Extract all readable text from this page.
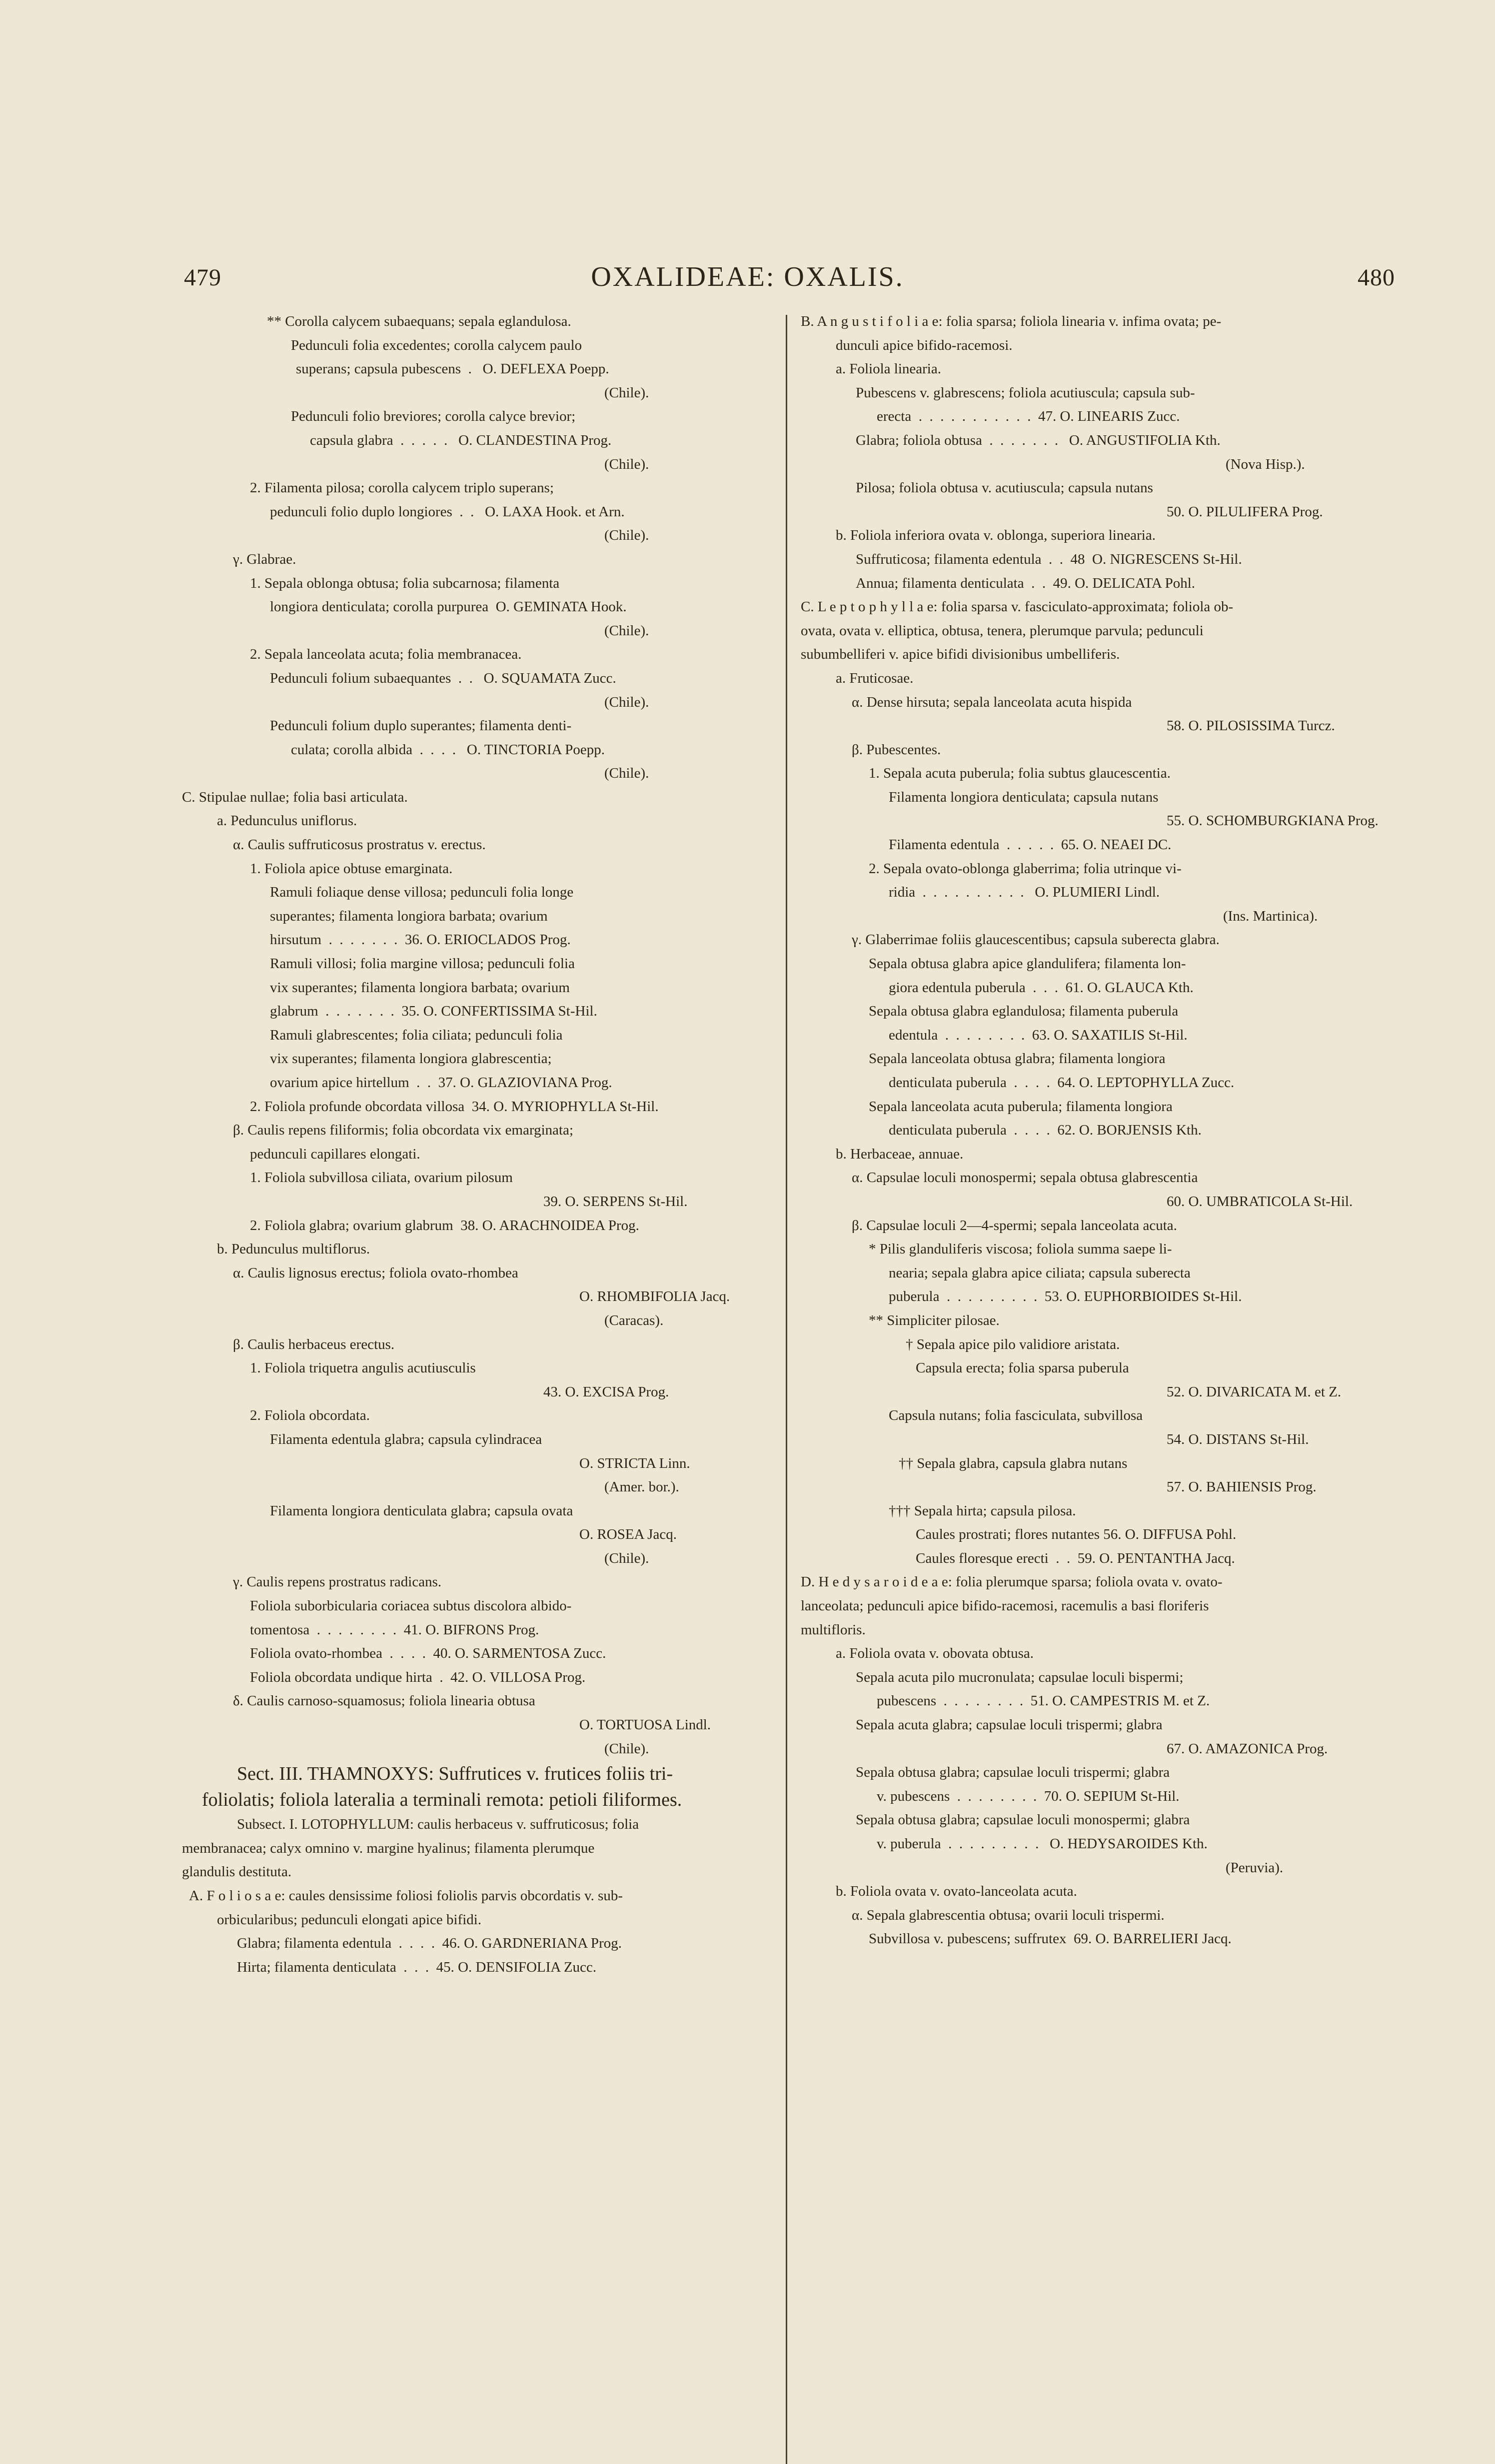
479	OXALIDEAE: OXALIS.	480
** Corolla calycem subaequans; sepala eglandulosa.
Pedunculi folia excedentes; corolla calycem paulo
superans; capsula pubescens  .   O. DEFLEXA Poepp.
(Chile).
Pedunculi folio breviores; corolla calyce brevior;
capsula glabra  .  .  .  .  .   O. CLANDESTINA Prog.
(Chile).
2. Filamenta pilosa; corolla calycem triplo superans;
pedunculi folio duplo longiores  .  .   O. LAXA Hook. et Arn.
(Chile).
γ. Glabrae.
1. Sepala oblonga obtusa; folia subcarnosa; filamenta
longiora denticulata; corolla purpurea  O. GEMINATA Hook.
(Chile).
2. Sepala lanceolata acuta; folia membranacea.
Pedunculi folium subaequantes  .  .   O. SQUAMATA Zucc.
(Chile).
Pedunculi folium duplo superantes; filamenta denti-
culata; corolla albida  .  .  .  .   O. TINCTORIA Poepp.
(Chile).
C. Stipulae nullae; folia basi articulata.
a. Pedunculus uniflorus.
α. Caulis suffruticosus prostratus v. erectus.
1. Foliola apice obtuse emarginata.
Ramuli foliaque dense villosa; pedunculi folia longe
superantes; filamenta longiora barbata; ovarium
hirsutum  .  .  .  .  .  .  .  36. O. ERIOCLADOS Prog.
Ramuli villosi; folia margine villosa; pedunculi folia
vix superantes; filamenta longiora barbata; ovarium
glabrum  .  .  .  .  .  .  .  35. O. CONFERTISSIMA St-Hil.
Ramuli glabrescentes; folia ciliata; pedunculi folia
vix superantes; filamenta longiora glabrescentia;
ovarium apice hirtellum  .  .  37. O. GLAZIOVIANA Prog.
2. Foliola profunde obcordata villosa  34. O. MYRIOPHYLLA St-Hil.
β. Caulis repens filiformis; folia obcordata vix emarginata;
pedunculi capillares elongati.
1. Foliola subvillosa ciliata, ovarium pilosum
39. O. SERPENS St-Hil.
2. Foliola glabra; ovarium glabrum  38. O. ARACHNOIDEA Prog.
b. Pedunculus multiflorus.
α. Caulis lignosus erectus; foliola ovato-rhombea
O. RHOMBIFOLIA Jacq.
(Caracas).
β. Caulis herbaceus erectus.
1. Foliola triquetra angulis acutiusculis
43. O. EXCISA Prog.
2. Foliola obcordata.
Filamenta edentula glabra; capsula cylindracea
O. STRICTA Linn.
(Amer. bor.).
Filamenta longiora denticulata glabra; capsula ovata
O. ROSEA Jacq.
(Chile).
γ. Caulis repens prostratus radicans.
Foliola suborbicularia coriacea subtus discolora albido-
tomentosa  .  .  .  .  .  .  .  .  41. O. BIFRONS Prog.
Foliola ovato-rhombea  .  .  .  .  40. O. SARMENTOSA Zucc.
Foliola obcordata undique hirta  .  42. O. VILLOSA Prog.
δ. Caulis carnoso-squamosus; foliola linearia obtusa
O. TORTUOSA Lindl.
(Chile).
Sect. III. THAMNOXYS: Suffrutices v. frutices foliis tri-
foliolatis; foliola lateralia a terminali remota: petioli filiformes.
Subsect. I. LOTOPHYLLUM: caulis herbaceus v. suffruticosus; folia
membranacea; calyx omnino v. margine hyalinus; filamenta plerumque
glandulis destituta.
A. F o l i o s a e: caules densissime foliosi foliolis parvis obcordatis v. sub-
orbicularibus; pedunculi elongati apice bifidi.
Glabra; filamenta edentula  .  .  .  .  46. O. GARDNERIANA Prog.
Hirta; filamenta denticulata  .  .  .  45. O. DENSIFOLIA Zucc.
B. A n g u s t i f o l i a e: folia sparsa; foliola linearia v. infima ovata; pe-
dunculi apice bifido-racemosi.
a. Foliola linearia.
Pubescens v. glabrescens; foliola acutiuscula; capsula sub-
erecta  .  .  .  .  .  .  .  .  .  .  .  47. O. LINEARIS Zucc.
Glabra; foliola obtusa  .  .  .  .  .  .  .   O. ANGUSTIFOLIA Kth.
(Nova Hisp.).
Pilosa; foliola obtusa v. acutiuscula; capsula nutans
50. O. PILULIFERA Prog.
b. Foliola inferiora ovata v. oblonga, superiora linearia.
Suffruticosa; filamenta edentula  .  .  48  O. NIGRESCENS St-Hil.
Annua; filamenta denticulata  .  .  49. O. DELICATA Pohl.
C. L e p t o p h y l l a e: folia sparsa v. fasciculato-approximata; foliola ob-
ovata, ovata v. elliptica, obtusa, tenera, plerumque parvula; pedunculi
subumbelliferi v. apice bifidi divisionibus umbelliferis.
a. Fruticosae.
α. Dense hirsuta; sepala lanceolata acuta hispida
58. O. PILOSISSIMA Turcz.
β. Pubescentes.
1. Sepala acuta puberula; folia subtus glaucescentia.
Filamenta longiora denticulata; capsula nutans
55. O. SCHOMBURGKIANA Prog.
Filamenta edentula  .  .  .  .  .  65. O. NEAEI DC.
2. Sepala ovato-oblonga glaberrima; folia utrinque vi-
ridia  .  .  .  .  .  .  .  .  .  .   O. PLUMIERI Lindl.
(Ins. Martinica).
γ. Glaberrimae foliis glaucescentibus; capsula suberecta glabra.
Sepala obtusa glabra apice glandulifera; filamenta lon-
giora edentula puberula  .  .  .  61. O. GLAUCA Kth.
Sepala obtusa glabra eglandulosa; filamenta puberula
edentula  .  .  .  .  .  .  .  .  63. O. SAXATILIS St-Hil.
Sepala lanceolata obtusa glabra; filamenta longiora
denticulata puberula  .  .  .  .  64. O. LEPTOPHYLLA Zucc.
Sepala lanceolata acuta puberula; filamenta longiora
denticulata puberula  .  .  .  .  62. O. BORJENSIS Kth.
b. Herbaceae, annuae.
α. Capsulae loculi monospermi; sepala obtusa glabrescentia
60. O. UMBRATICOLA St-Hil.
β. Capsulae loculi 2—4-spermi; sepala lanceolata acuta.
* Pilis glanduliferis viscosa; foliola summa saepe li-
nearia; sepala glabra apice ciliata; capsula suberecta
puberula  .  .  .  .  .  .  .  .  .  53. O. EUPHORBIOIDES St-Hil.
** Simpliciter pilosae.
† Sepala apice pilo validiore aristata.
Capsula erecta; folia sparsa puberula
52. O. DIVARICATA M. et Z.
Capsula nutans; folia fasciculata, subvillosa
54. O. DISTANS St-Hil.
†† Sepala glabra, capsula glabra nutans
57. O. BAHIENSIS Prog.
††† Sepala hirta; capsula pilosa.
Caules prostrati; flores nutantes 56. O. DIFFUSA Pohl.
Caules floresque erecti  .  .  59. O. PENTANTHA Jacq.
D. H e d y s a r o i d e a e: folia plerumque sparsa; foliola ovata v. ovato-
lanceolata; pedunculi apice bifido-racemosi, racemulis a basi floriferis
multifloris.
a. Foliola ovata v. obovata obtusa.
Sepala acuta pilo mucronulata; capsulae loculi bispermi;
pubescens  .  .  .  .  .  .  .  .  51. O. CAMPESTRIS M. et Z.
Sepala acuta glabra; capsulae loculi trispermi; glabra
67. O. AMAZONICA Prog.
Sepala obtusa glabra; capsulae loculi trispermi; glabra
v. pubescens  .  .  .  .  .  .  .  .  70. O. SEPIUM St-Hil.
Sepala obtusa glabra; capsulae loculi monospermi; glabra
v. puberula  .  .  .  .  .  .  .  .  .   O. HEDYSAROIDES Kth.
(Peruvia).
b. Foliola ovata v. ovato-lanceolata acuta.
α. Sepala glabrescentia obtusa; ovarii loculi trispermi.
Subvillosa v. pubescens; suffrutex  69. O. BARRELIERI Jacq.
